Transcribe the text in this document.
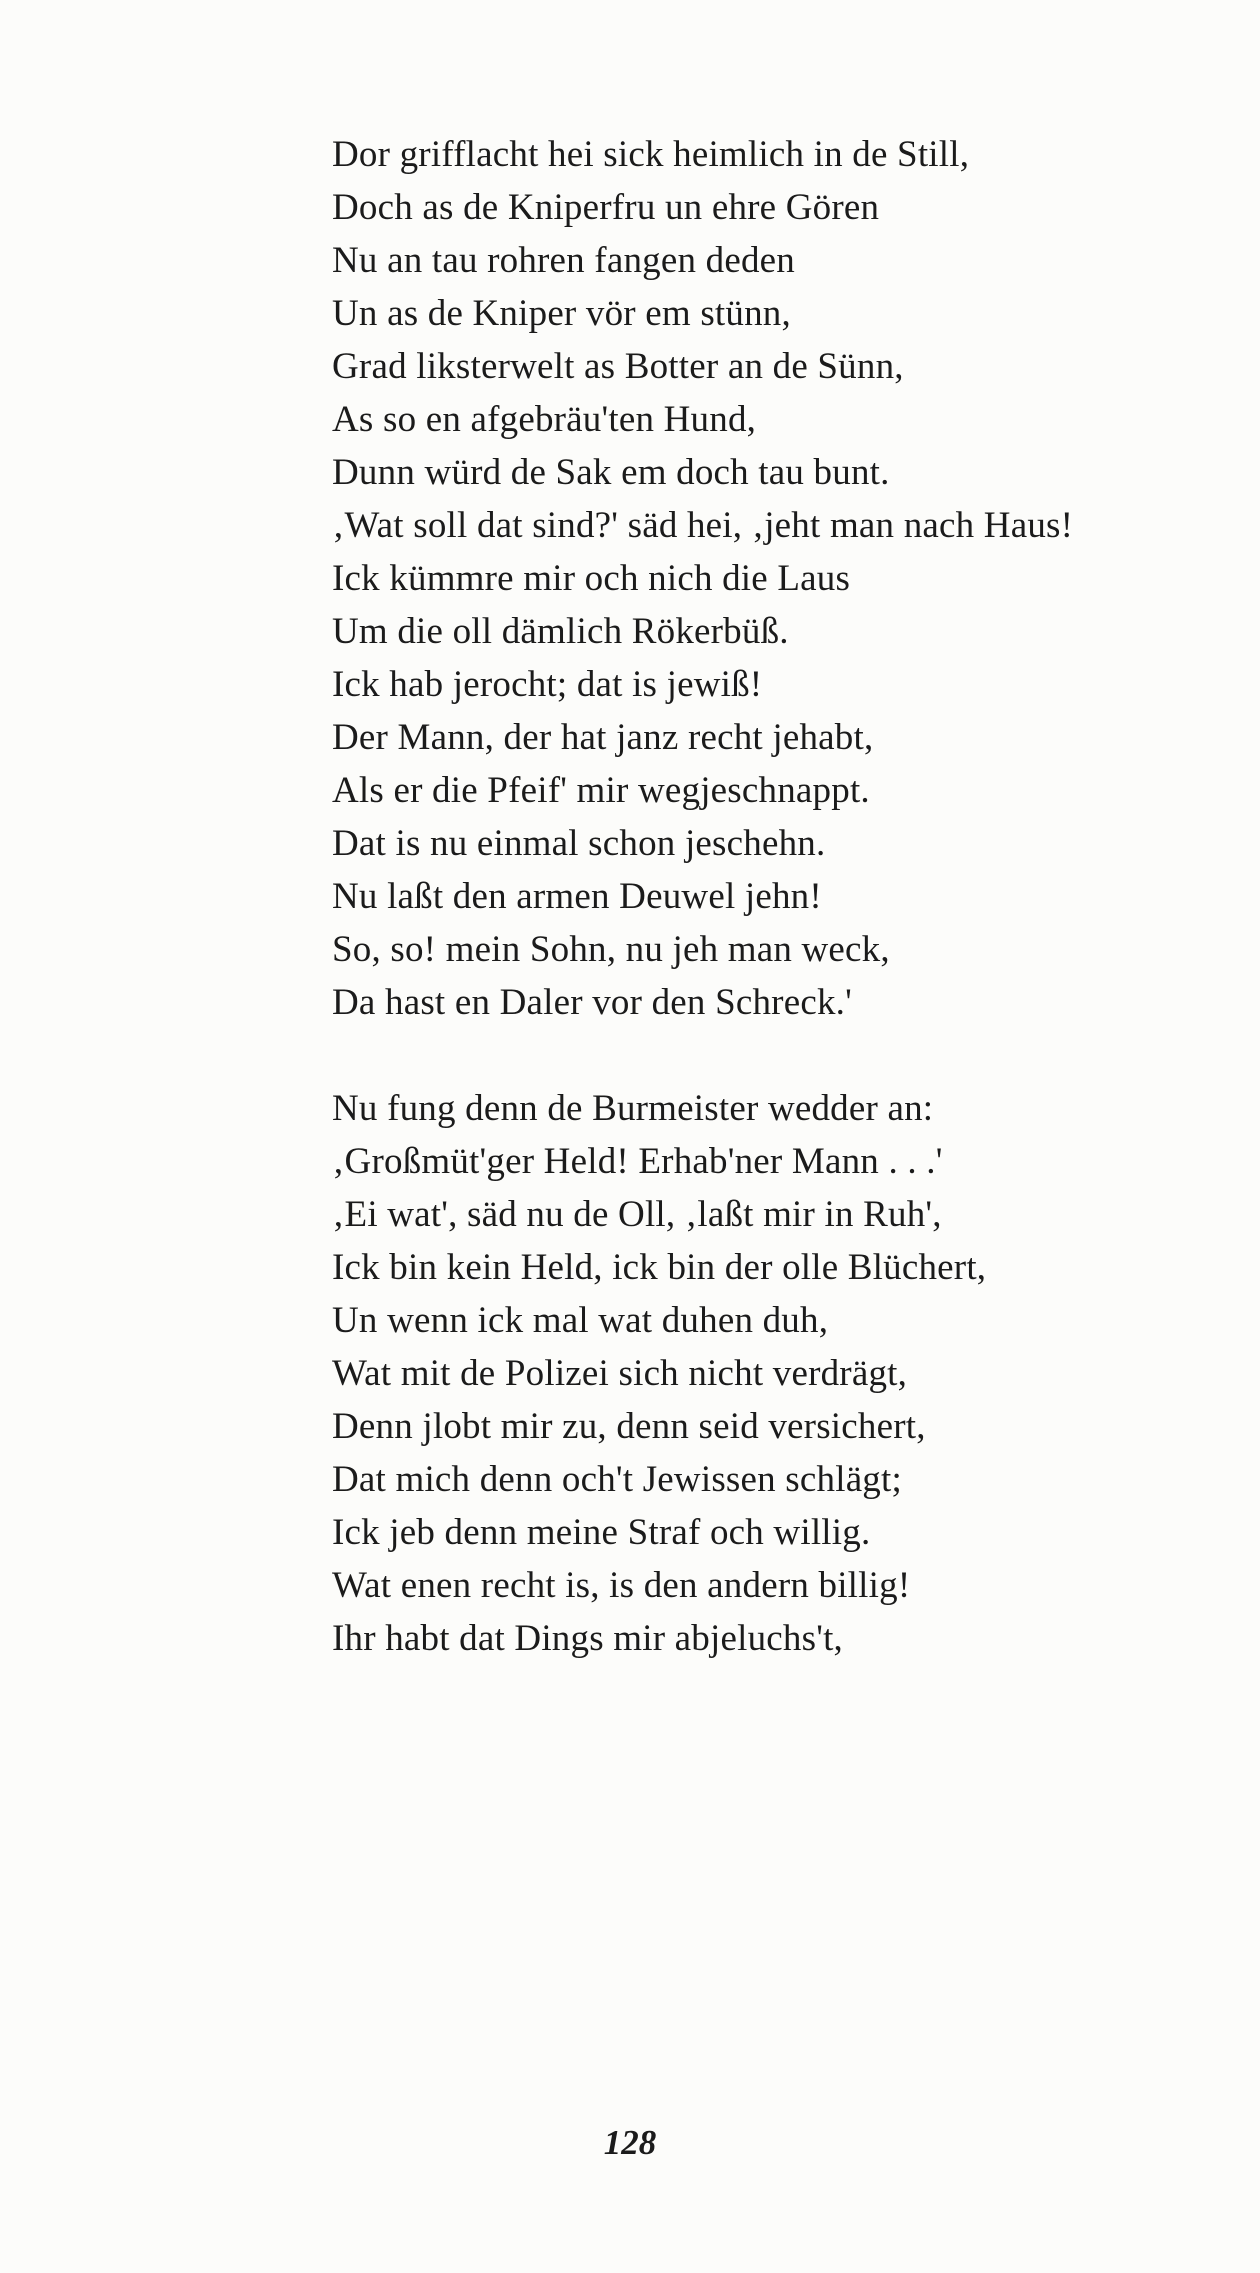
Dor grifflacht hei sick heimlich in de Still,
Doch as de Kniperfru un ehre Gören
Nu an tau rohren fangen deden
Un as de Kniper vör em stünn,
Grad liksterwelt as Botter an de Sünn,
As so en afgebräu'ten Hund,
Dunn würd de Sak em doch tau bunt.
‚Wat soll dat sind?' säd hei, ‚jeht man nach Haus!
Ick kümmre mir och nich die Laus
Um die oll dämlich Rökerbüß.
Ick hab jerocht; dat is jewiß!
Der Mann, der hat janz recht jehabt,
Als er die Pfeif' mir wegjeschnappt.
Dat is nu einmal schon jeschehn.
Nu laßt den armen Deuwel jehn!
So, so! mein Sohn, nu jeh man weck,
Da hast en Daler vor den Schreck.'
Nu fung denn de Burmeister wedder an:
‚Großmüt'ger Held! Erhab'ner Mann . . .'
‚Ei wat', säd nu de Oll, ‚laßt mir in Ruh',
Ick bin kein Held, ick bin der olle Blüchert,
Un wenn ick mal wat duhen duh,
Wat mit de Polizei sich nicht verdrägt,
Denn jlobt mir zu, denn seid versichert,
Dat mich denn och't Jewissen schlägt;
Ick jeb denn meine Straf och willig.
Wat enen recht is, is den andern billig!
Ihr habt dat Dings mir abjeluchs't,
128
